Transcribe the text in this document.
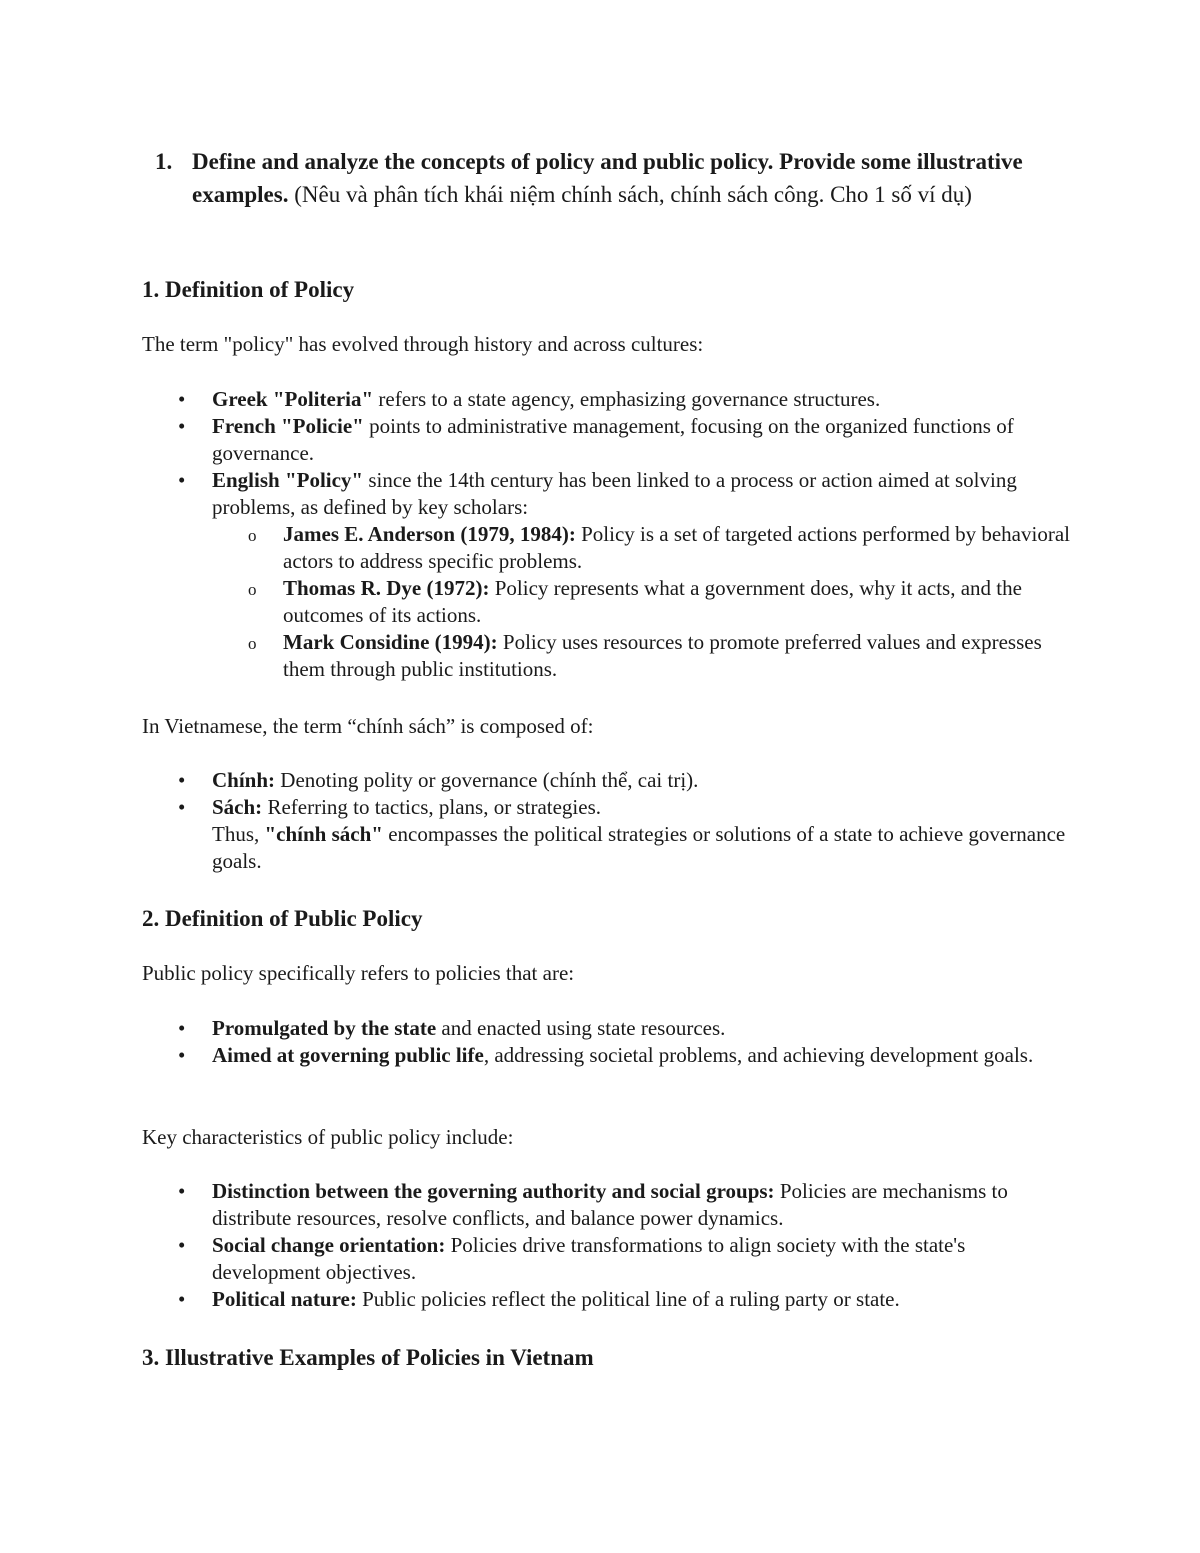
1. Define and analyze the concepts of policy and public policy. Provide some illustrative examples. (Nêu và phân tích khái niệm chính sách, chính sách công. Cho 1 số ví dụ)
1. Definition of Policy
The term "policy" has evolved through history and across cultures:
• Greek "Politeria" refers to a state agency, emphasizing governance structures.
• French "Policie" points to administrative management, focusing on the organized functions of governance.
• English "Policy" since the 14th century has been linked to a process or action aimed at solving problems, as defined by key scholars:
o James E. Anderson (1979, 1984): Policy is a set of targeted actions performed by behavioral actors to address specific problems.
o Thomas R. Dye (1972): Policy represents what a government does, why it acts, and the outcomes of its actions.
o Mark Considine (1994): Policy uses resources to promote preferred values and expresses them through public institutions.
In Vietnamese, the term “chính sách” is composed of:
• Chính: Denoting polity or governance (chính thể, cai trị).
• Sách: Referring to tactics, plans, or strategies.
Thus, "chính sách" encompasses the political strategies or solutions of a state to achieve governance goals.
2. Definition of Public Policy
Public policy specifically refers to policies that are:
• Promulgated by the state and enacted using state resources.
• Aimed at governing public life, addressing societal problems, and achieving development goals.
Key characteristics of public policy include:
• Distinction between the governing authority and social groups: Policies are mechanisms to distribute resources, resolve conflicts, and balance power dynamics.
• Social change orientation: Policies drive transformations to align society with the state's development objectives.
• Political nature: Public policies reflect the political line of a ruling party or state.
3. Illustrative Examples of Policies in Vietnam
